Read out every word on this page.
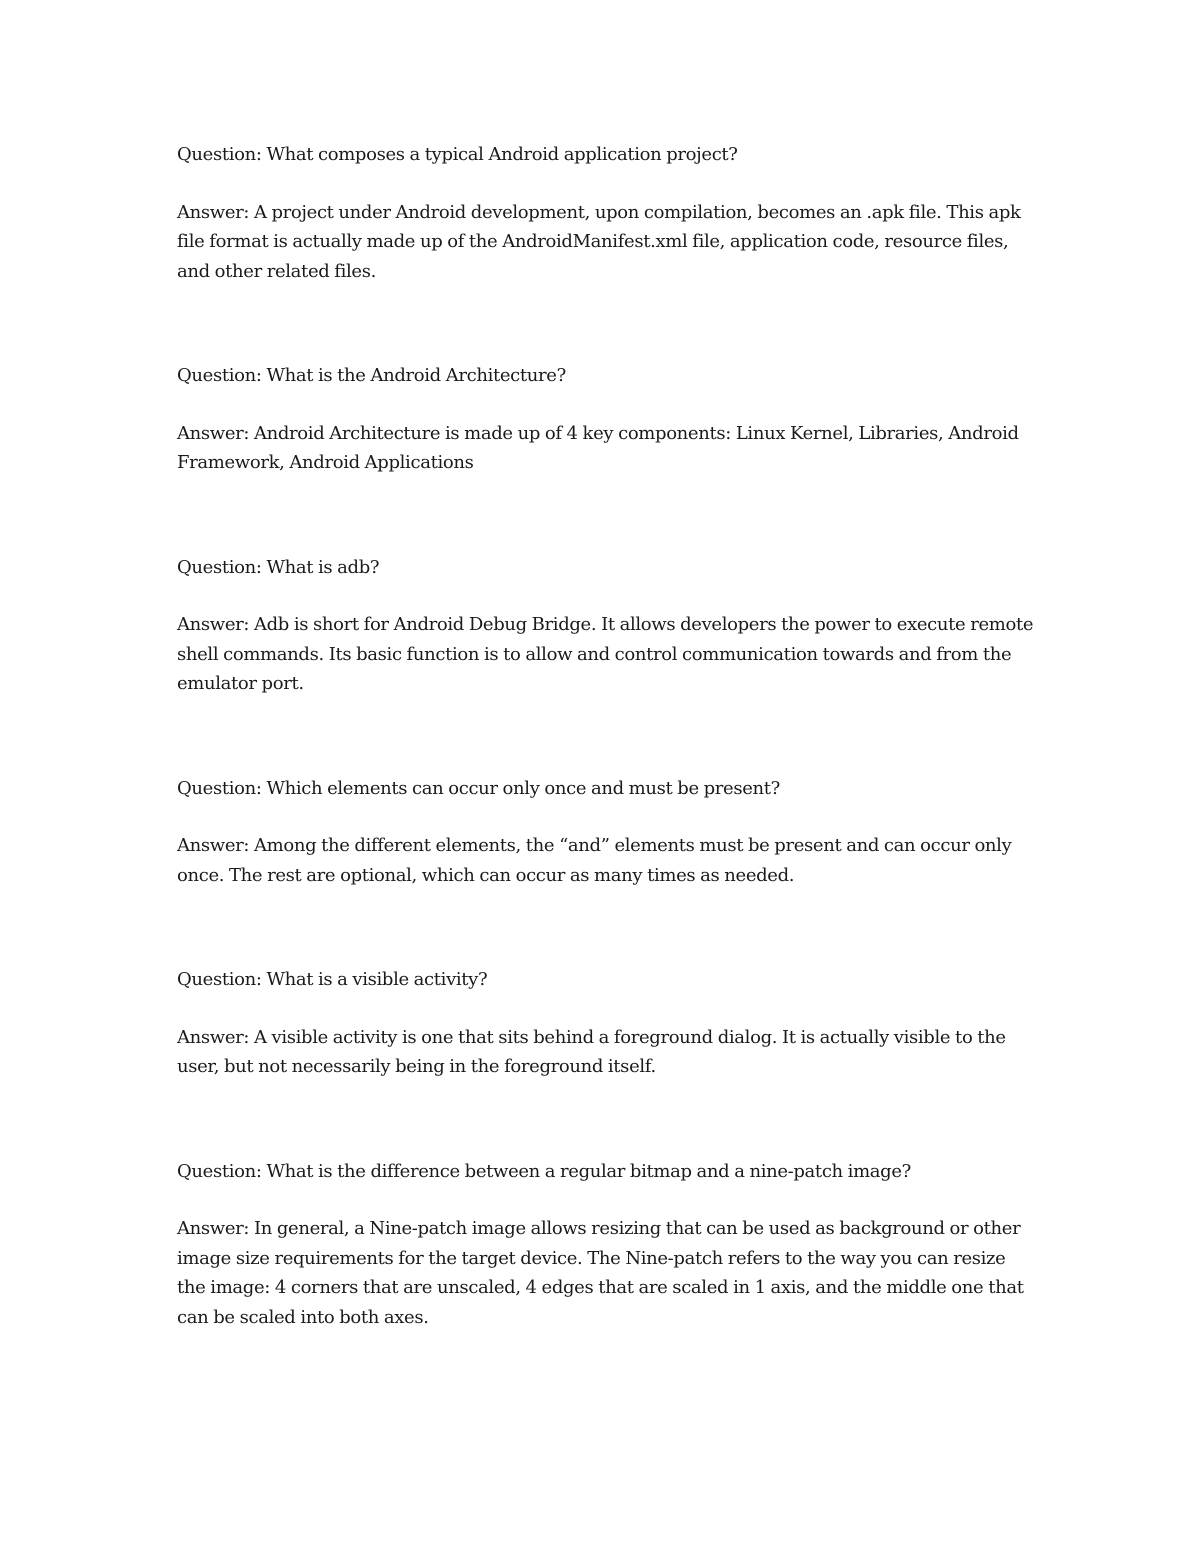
Question: What composes a typical Android application project?

Answer: A project under Android development, upon compilation, becomes an .apk file. This apk file format is actually made up of the AndroidManifest.xml file, application code, resource files, and other related files.

Question: What is the Android Architecture?

Answer: Android Architecture is made up of 4 key components: Linux Kernel, Libraries, Android Framework, Android Applications

Question: What is adb?

Answer: Adb is short for Android Debug Bridge. It allows developers the power to execute remote shell commands. Its basic function is to allow and control communication towards and from the emulator port.

Question: Which elements can occur only once and must be present?

Answer: Among the different elements, the “and” elements must be present and can occur only once. The rest are optional, which can occur as many times as needed.

Question: What is a visible activity?

Answer: A visible activity is one that sits behind a foreground dialog. It is actually visible to the user, but not necessarily being in the foreground itself.

Question: What is the difference between a regular bitmap and a nine-patch image?

Answer: In general, a Nine-patch image allows resizing that can be used as background or other image size requirements for the target device. The Nine-patch refers to the way you can resize the image: 4 corners that are unscaled, 4 edges that are scaled in 1 axis, and the middle one that can be scaled into both axes.
